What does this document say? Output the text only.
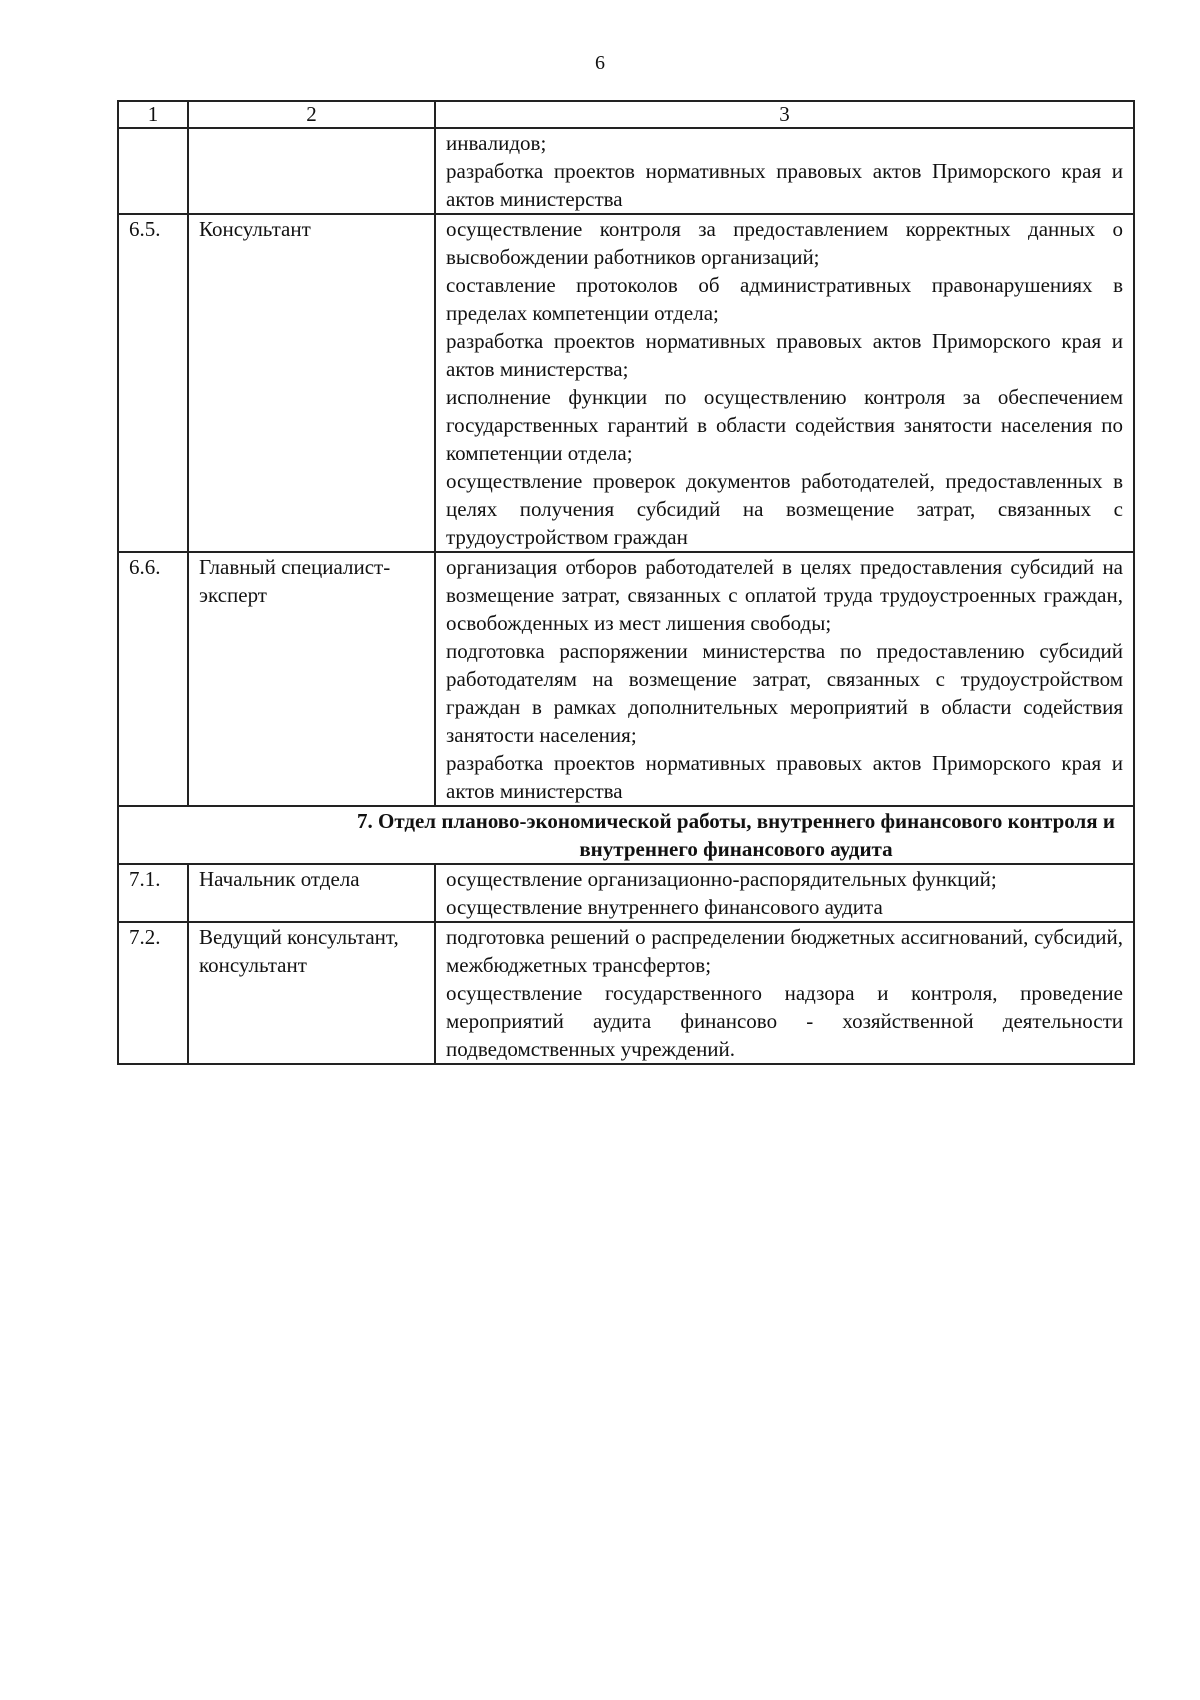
6
1	2	3

		инвалидов;
разработка проектов нормативных правовых актов Приморского края и актов министерства

6.5.	Консультант	осуществление контроля за предоставлением корректных данных о высвобождении работников организаций;
составление протоколов об административных правонарушениях в пределах компетенции отдела;
разработка проектов нормативных правовых актов Приморского края и актов министерства;
исполнение функции по осуществлению контроля за обеспечением государственных гарантий в области содействия занятости населения по компетенции отдела;
осуществление проверок документов работодателей, предоставленных в целях получения субсидий на возмещение затрат, связанных с трудоустройством граждан

6.6.	Главный специалист-эксперт	организация отборов работодателей в целях предоставления субсидий на возмещение затрат, связанных с оплатой труда трудоустроенных граждан, освобожденных из мест лишения свободы;
подготовка распоряжении министерства по предоставлению субсидий работодателям на возмещение затрат, связанных с трудоустройством граждан в рамках дополнительных мероприятий в области содействия занятости населения;
разработка проектов нормативных правовых актов Приморского края и актов министерства

7. Отдел планово-экономической работы, внутреннего финансового контроля и внутреннего финансового аудита		
7.1.	Начальник отдела	осуществление организационно-распорядительных функций;
осуществление внутреннего финансового аудита

7.2.	Ведущий консультант, консультант	подготовка решений о распределении бюджетных ассигнований, субсидий, межбюджетных трансфертов;
осуществление государственного надзора и контроля, проведение мероприятий аудита финансово - хозяйственной деятельности подведомственных учреждений.
